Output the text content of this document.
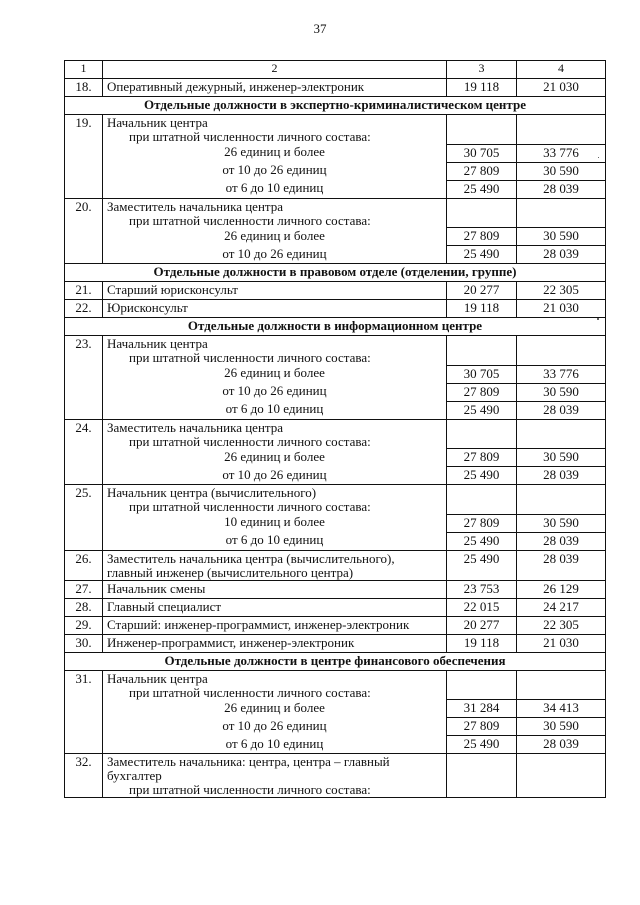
37
1	2	3	4
18.	Оперативный дежурный, инженер-электроник	19 118	21 030
Отдельные должности в экспертно-криминалистическом центре			
19.	Начальник центра
при штатной численности личного состава:		

	26 единиц и более	30 705	33 776
	от 10 до 26 единиц	27 809	30 590
	от 6 до 10 единиц	25 490	28 039
20.	Заместитель начальника центра
при штатной численности личного состава:		

	26 единиц и более	27 809	30 590
	от 10 до 26 единиц	25 490	28 039
Отдельные должности в правовом отделе (отделении, группе)			
21.	Старший юрисконсульт	20 277	22 305
22.	Юрисконсульт	19 118	21 030
Отдельные должности в информационном центре			
23.	Начальник центра
при штатной численности личного состава:		

	26 единиц и более	30 705	33 776
	от 10 до 26 единиц	27 809	30 590
	от 6 до 10 единиц	25 490	28 039
24.	Заместитель начальника центра
при штатной численности личного состава:		

	26 единиц и более	27 809	30 590
	от 10 до 26 единиц	25 490	28 039
25.	Начальник центра (вычислительного)
при штатной численности личного состава:		

	10 единиц и более	27 809	30 590
	от 6 до 10 единиц	25 490	28 039
26.	Заместитель начальника центра (вычислительного),
главный инженер (вычислительного центра)	25 490	28 039
27.	Начальник смены	23 753	26 129
28.	Главный специалист	22 015	24 217
29.	Старший: инженер-программист, инженер-электроник	20 277	22 305
30.	Инженер-программист, инженер-электроник	19 118	21 030
Отдельные должности в центре финансового обеспечения			
31.	Начальник центра
при штатной численности личного состава:		

	26 единиц и более	31 284	34 413
	от 10 до 26 единиц	27 809	30 590
	от 6 до 10 единиц	25 490	28 039
32.	Заместитель начальника: центра, центра – главный
бухгалтер
при штатной численности личного состава:		
